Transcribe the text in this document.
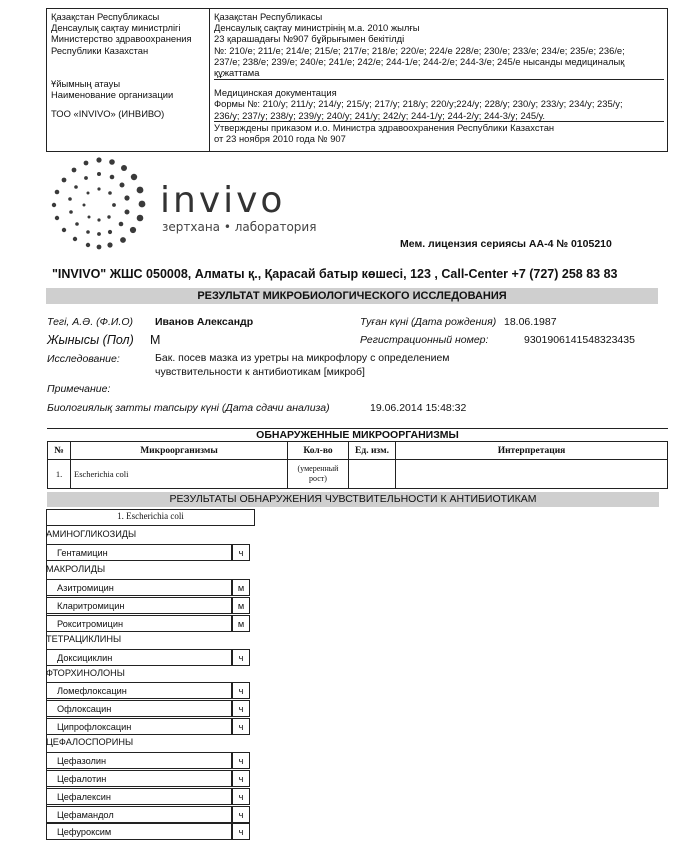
Қазақстан Республикасы
Денсаулық сақтау министрлігі
Министерство здравоохранения
Республики Казахстан
Ұйымның атауы
Наименование организации
ТОО «INVIVO» (ИНВИВО)
Қазақстан Республикасы
Денсаулық сақтау министрінің м.а. 2010 жылғы
23 қарашадағы №907 бұйрығымен бекітілді
№: 210/е; 211/е; 214/е; 215/е; 217/е; 218/е; 220/е; 224/е 228/е; 230/е; 233/е; 234/е; 235/е; 236/е;
237/е; 238/е; 239/е; 240/е; 241/е; 242/е; 244-1/е; 244-2/е; 244-3/е; 245/е нысанды медициналық
құжаттама
Медицинская документация
Формы №: 210/у; 211/у; 214/у; 215/у; 217/у; 218/у; 220/у;224/у; 228/у; 230/у; 233/у; 234/у; 235/у;
236/у; 237/у; 238/у; 239/у; 240/у; 241/у; 242/у; 244-1/у; 244-2/у; 244-3/у; 245/у.
Утверждены приказом и.о. Министра здравоохранения Республики Казахстан
от 23 ноября 2010 года № 907
invivo
зертхана • лаборатория
Мем. лицензия сериясы АА-4 № 0105210
"INVIVO" ЖШС 050008, Алматы қ., Қарасай батыр көшесі, 123 , Call-Center +7 (727) 258 83 83
РЕЗУЛЬТАТ МИКРОБИОЛОГИЧЕСКОГО ИССЛЕДОВАНИЯ
Тегі, А.Ә. (Ф.И.О) Иванов Александр	Туған күні (Дата рождения) 18.06.1987
Жынысы (Пол) М	Регистрационный номер:	9301906141548323435
Исследование:	Бак. посев мазка из уретры на микрофлору с определением
чувствительности к антибиотикам [микроб]
Примечание:
Биологиялық затты тапсыру күні (Дата сдачи анализа)	19.06.2014 15:48:32
ОБНАРУЖЕННЫЕ МИКРООРГАНИЗМЫ
№	Микроорганизмы	Кол-во	Ед. изм.	Интерпретация
1.	Escherichia coli	(умеренный рост)		
РЕЗУЛЬТАТЫ ОБНАРУЖЕНИЯ ЧУВСТВИТЕЛЬНОСТИ К АНТИБИОТИКАМ
1. Escherichia coli
АМИНОГЛИКОЗИДЫ
Гентамицин	ч
МАКРОЛИДЫ
Азитромицин	м
Кларитромицин	м
Рокситромицин	м
ТЕТРАЦИКЛИНЫ
Доксициклин	ч
ФТОРХИНОЛОНЫ
Ломефлоксацин	ч
Офлоксацин	ч
Ципрофлоксацин	ч
ЦЕФАЛОСПОРИНЫ
Цефазолин	ч
Цефалотин	ч
Цефалексин	ч
Цефамандол	ч
Цефуроксим	ч
